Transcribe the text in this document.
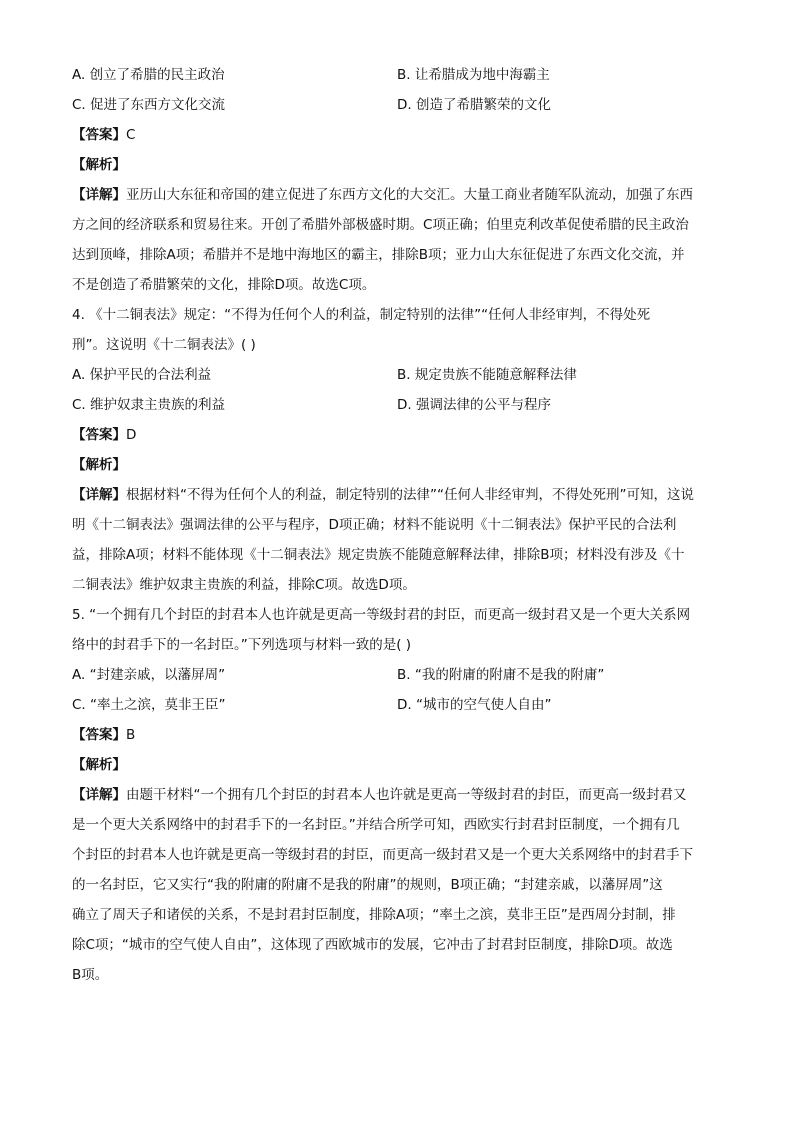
A. 创立了希腊的民主政治	B. 让希腊成为地中海霸主
C. 促进了东西方文化交流	D. 创造了希腊繁荣的文化
【答案】C
【解析】
【详解】亚历山大东征和帝国的建立促进了东西方文化的大交汇。大量工商业者随军队流动，加强了东西
方之间的经济联系和贸易往来。开创了希腊外部极盛时期。C项正确；伯里克利改革促使希腊的民主政治
达到顶峰，排除A项；希腊并不是地中海地区的霸主，排除B项；亚力山大东征促进了东西文化交流，并
不是创造了希腊繁荣的文化，排除D项。故选C项。
4. 《十二铜表法》规定：“不得为任何个人的利益，制定特别的法律”“任何人非经审判，不得处死
刑”。这说明《十二铜表法》( )
A. 保护平民的合法利益	B. 规定贵族不能随意解释法律
C. 维护奴隶主贵族的利益	D. 强调法律的公平与程序
【答案】D
【解析】
【详解】根据材料“不得为任何个人的利益，制定特别的法律”“任何人非经审判，不得处死刑”可知，这说
明《十二铜表法》强调法律的公平与程序，D项正确；材料不能说明《十二铜表法》保护平民的合法利
益，排除A项；材料不能体现《十二铜表法》规定贵族不能随意解释法律，排除B项；材料没有涉及《十
二铜表法》维护奴隶主贵族的利益，排除C项。故选D项。
5. “一个拥有几个封臣的封君本人也许就是更高一等级封君的封臣，而更高一级封君又是一个更大关系网
络中的封君手下的一名封臣。”下列选项与材料一致的是( )
A. “封建亲戚，以藩屏周”	B. “我的附庸的附庸不是我的附庸”
C. “率土之滨，莫非王臣”	D. “城市的空气使人自由”
【答案】B
【解析】
【详解】由题干材料“一个拥有几个封臣的封君本人也许就是更高一等级封君的封臣，而更高一级封君又
是一个更大关系网络中的封君手下的一名封臣。”并结合所学可知，西欧实行封君封臣制度，一个拥有几
个封臣的封君本人也许就是更高一等级封君的封臣，而更高一级封君又是一个更大关系网络中的封君手下
的一名封臣，它又实行“我的附庸的附庸不是我的附庸”的规则，B项正确；“封建亲戚，以藩屏周”这
确立了周天子和诸侯的关系，不是封君封臣制度，排除A项；“率土之滨，莫非王臣”是西周分封制，排
除C项；“城市的空气使人自由”，这体现了西欧城市的发展，它冲击了封君封臣制度，排除D项。故选
B项。
